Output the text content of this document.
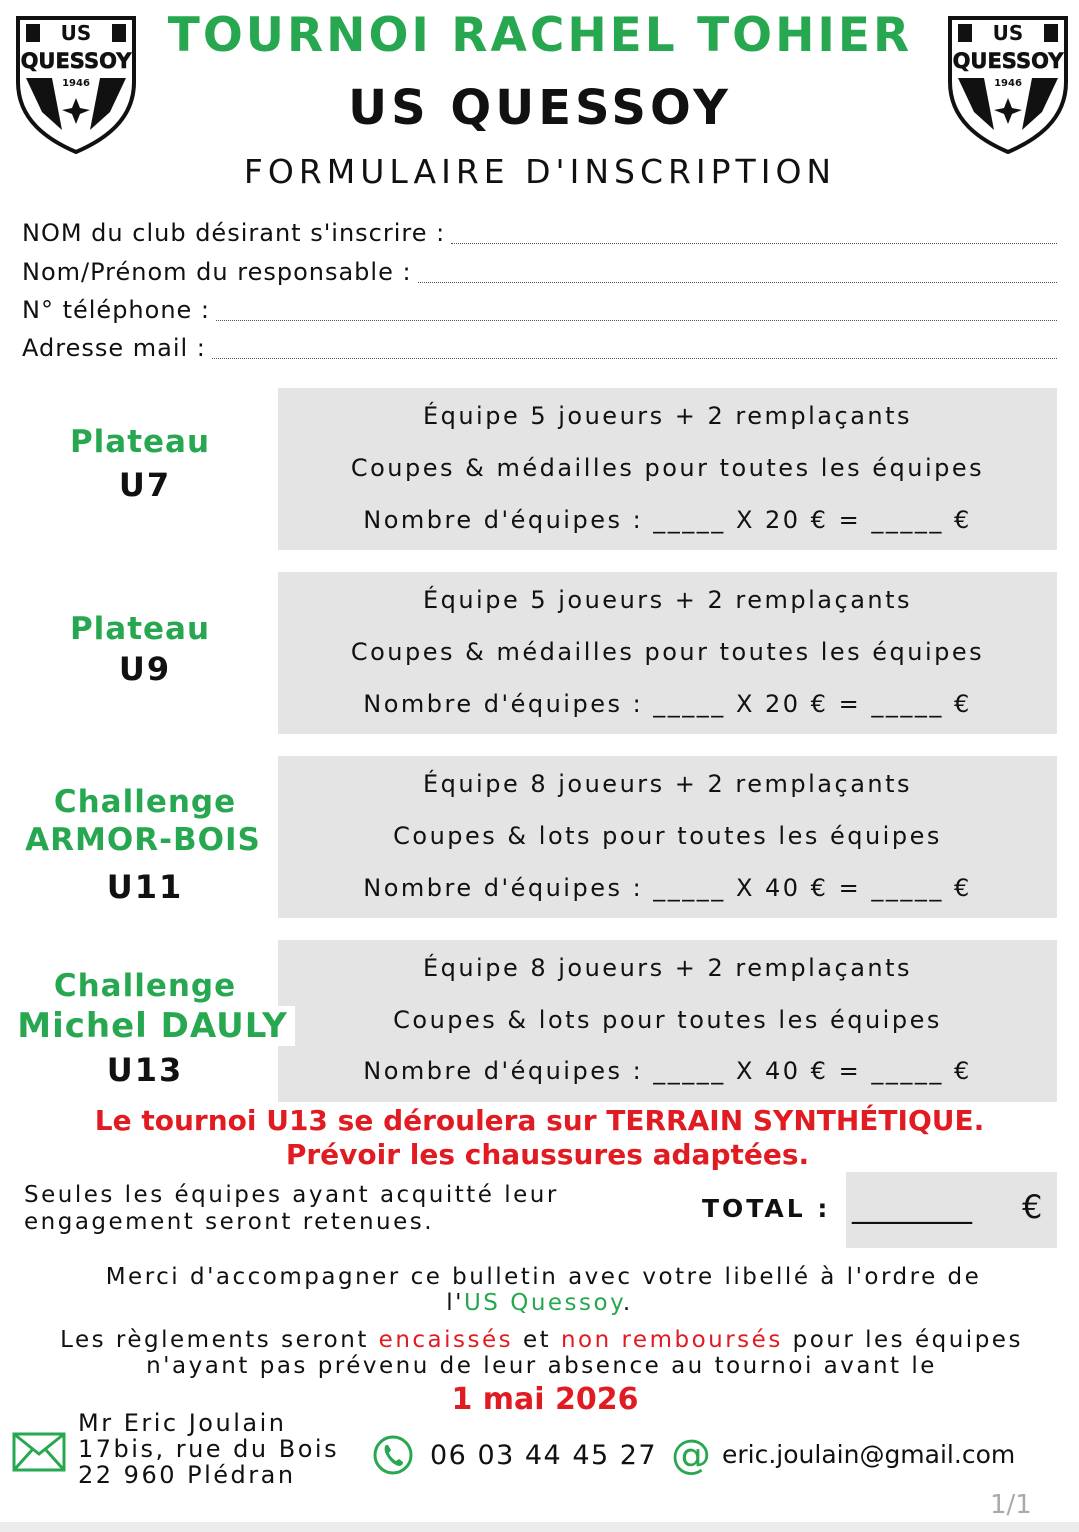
US
QUESSOY
1946
US
QUESSOY
1946
TOURNOI RACHEL TOHIER
US QUESSOY
FORMULAIRE D'INSCRIPTION
NOM du club désirant s'inscrire :
Nom/Prénom du responsable :
N° téléphone :
Adresse mail :
Plateau
U7
Équipe 5 joueurs + 2 remplaçants
Coupes & médailles pour toutes les équipes
Nombre d'équipes : _____ X 20 € = _____ €
Plateau
U9
Équipe 5 joueurs + 2 remplaçants
Coupes & médailles pour toutes les équipes
Nombre d'équipes : _____ X 20 € = _____ €
Challenge
ARMOR-BOIS
U11
Équipe 8 joueurs + 2 remplaçants
Coupes & lots pour toutes les équipes
Nombre d'équipes : _____ X 40 € = _____ €
Équipe 8 joueurs + 2 remplaçants
Coupes & lots pour toutes les équipes
Nombre d'équipes : _____ X 40 € = _____ €
Challenge
Michel DAULY
U13
Le tournoi U13 se déroulera sur TERRAIN SYNTHÉTIQUE.
Prévoir les chaussures adaptées.
Seules les équipes ayant acquitté leur
engagement seront retenues.	TOTAL : ________ €
Merci d'accompagner ce bulletin avec votre libellé à l'ordre de
l'US Quessoy.
Les règlements seront encaissés et non remboursés pour les équipes
n'ayant pas prévenu de leur absence au tournoi avant le
1 mai 2026
Mr Eric Joulain
17bis, rue du Bois
22 960 Plédran
06 03 44 45 27 @ eric.joulain@gmail.com
1/1
